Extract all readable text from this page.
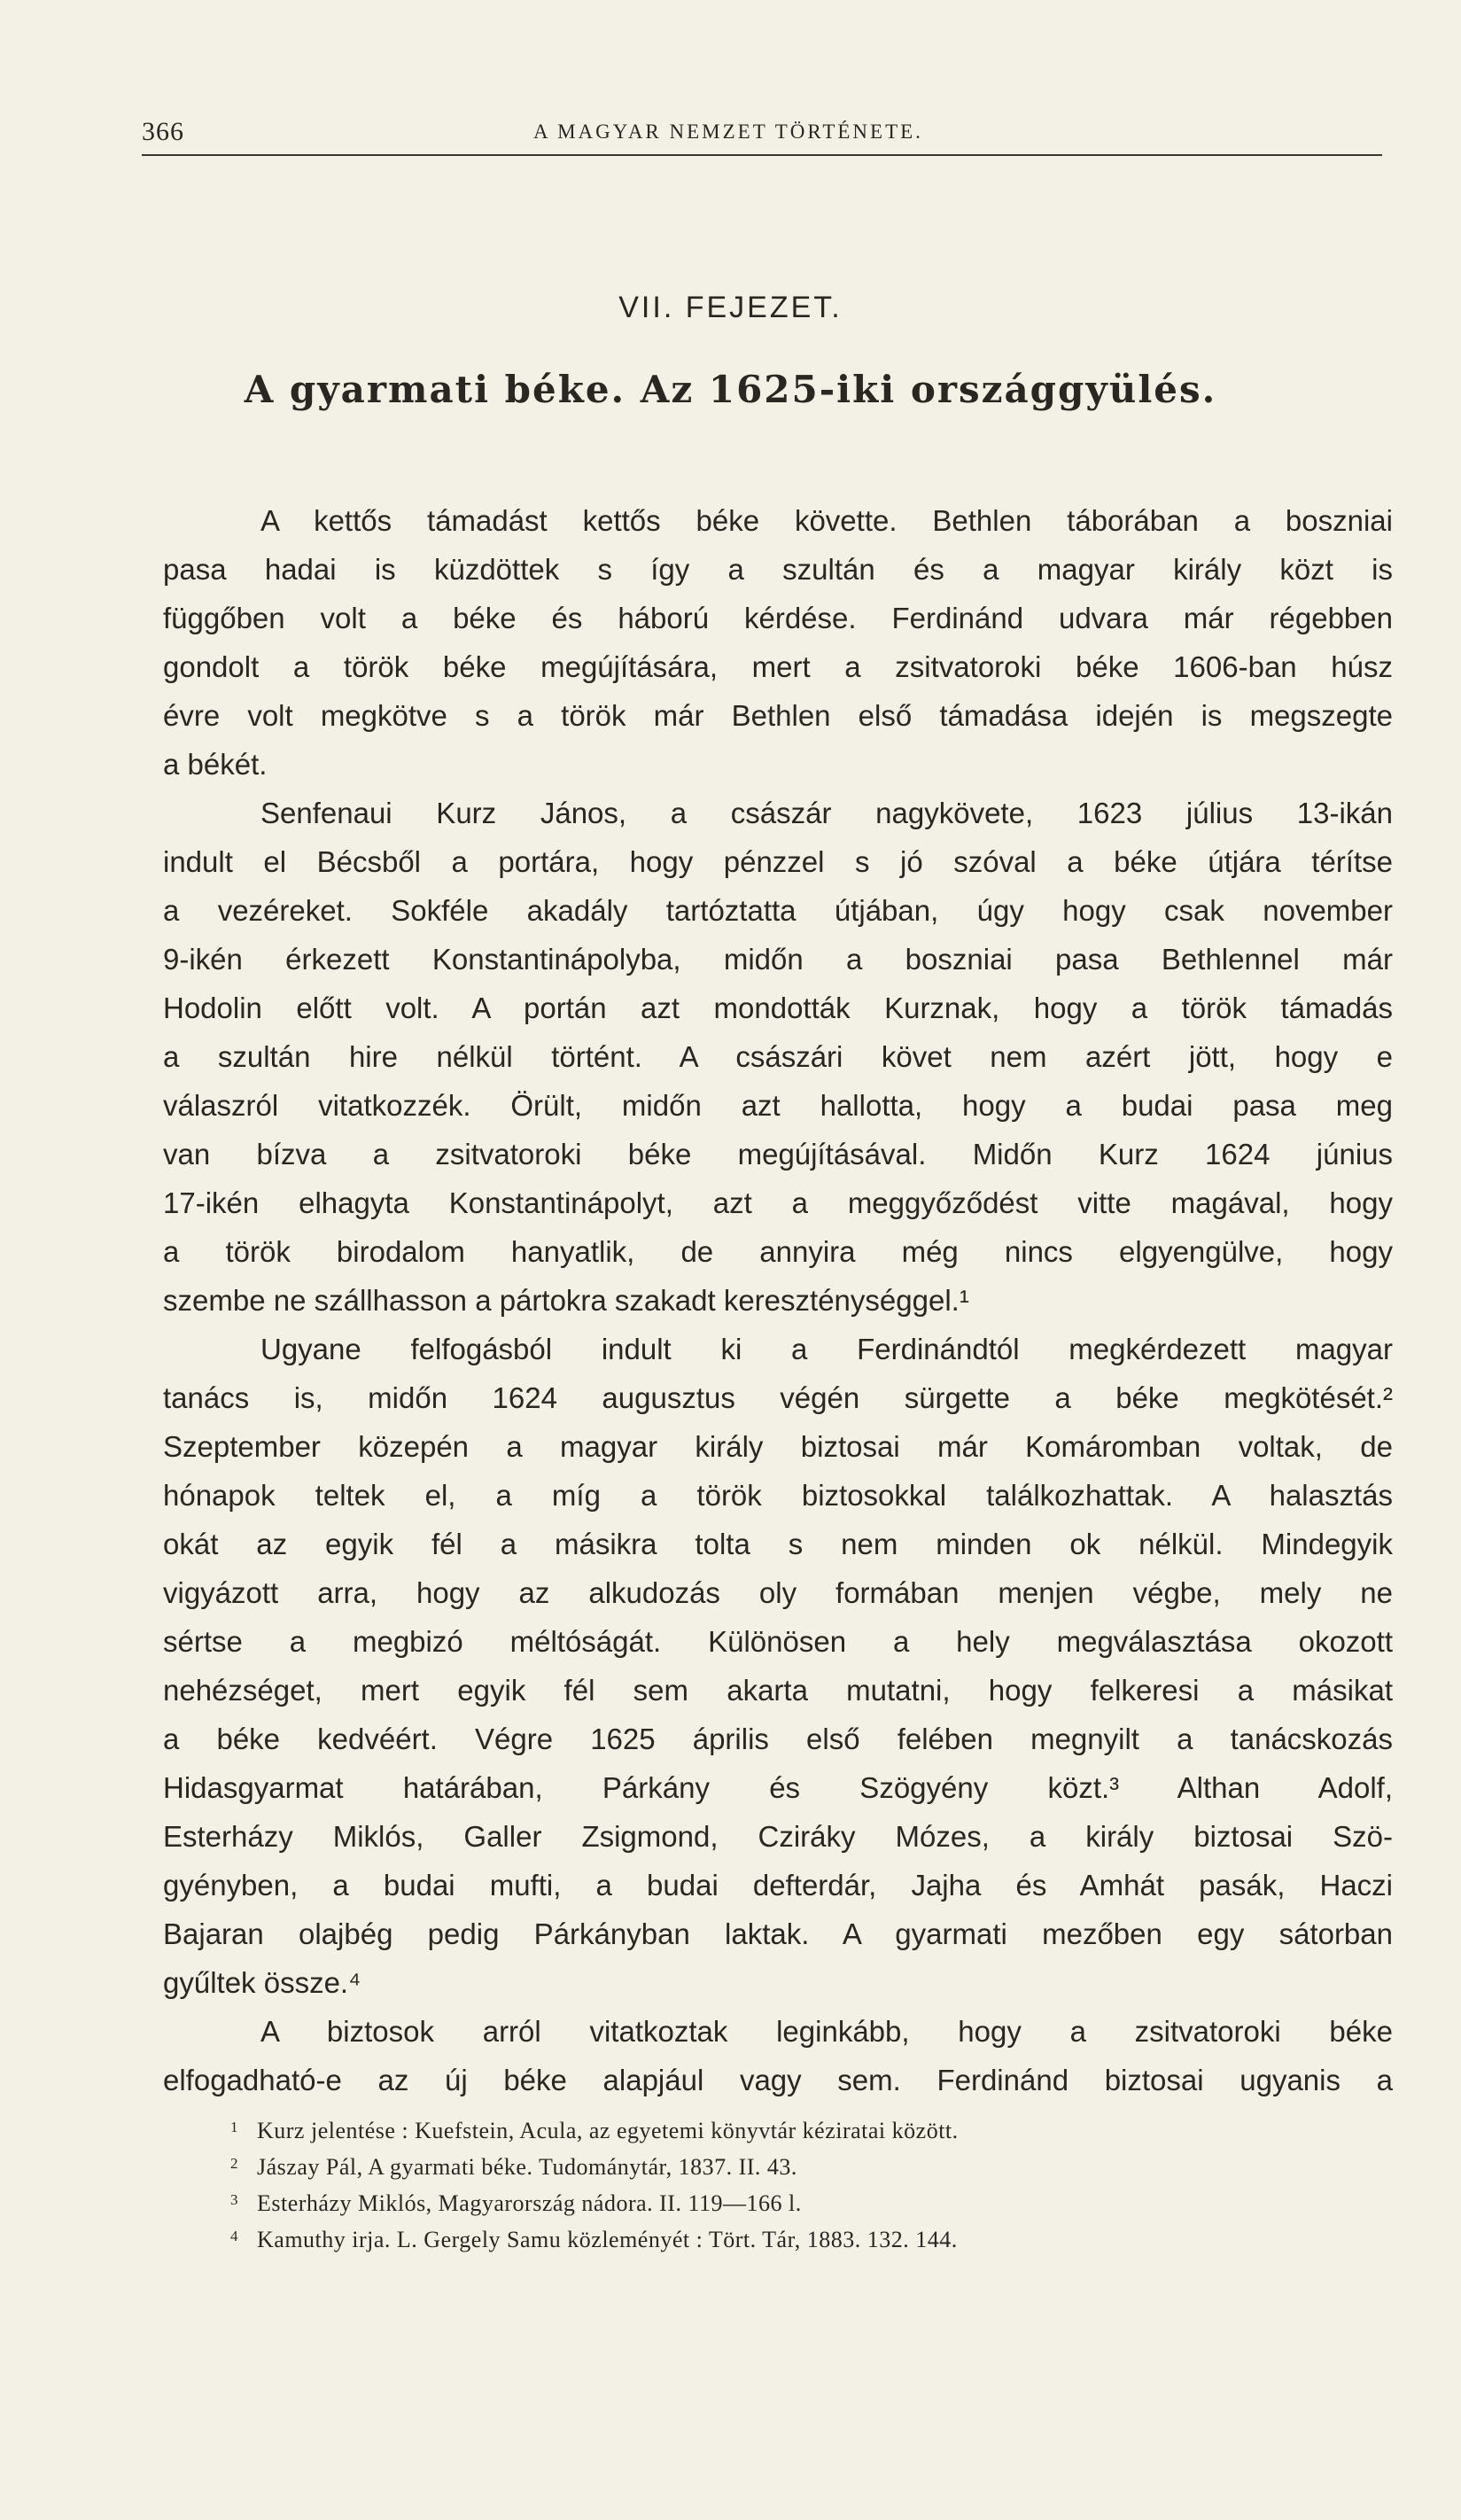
366	A MAGYAR NEMZET TÖRTÉNETE.
VII. FEJEZET.
A gyarmati béke. Az 1625-iki országgyülés.
A kettős támadást kettős béke követte. Bethlen táborában a boszniai
pasa hadai is küzdöttek s így a szultán és a magyar király közt is
függőben volt a béke és háború kérdése. Ferdinánd udvara már régebben
gondolt a török béke megújítására, mert a zsitvatoroki béke 1606-ban húsz
évre volt megkötve s a török már Bethlen első támadása idején is megszegte
a békét.
Senfenaui Kurz János, a császár nagykövete, 1623 július 13-ikán
indult el Bécsből a portára, hogy pénzzel s jó szóval a béke útjára térítse
a vezéreket. Sokféle akadály tartóztatta útjában, úgy hogy csak november
9-ikén érkezett Konstantinápolyba, midőn a boszniai pasa Bethlennel már
Hodolin előtt volt. A portán azt mondották Kurznak, hogy a török támadás
a szultán hire nélkül történt. A császári követ nem azért jött, hogy e
válaszról vitatkozzék. Örült, midőn azt hallotta, hogy a budai pasa meg
van bízva a zsitvatoroki béke megújításával. Midőn Kurz 1624 június
17-ikén elhagyta Konstantinápolyt, azt a meggyőződést vitte magával, hogy
a török birodalom hanyatlik, de annyira még nincs elgyengülve, hogy
szembe ne szállhasson a pártokra szakadt kereszténységgel.¹
Ugyane felfogásból indult ki a Ferdinándtól megkérdezett magyar
tanács is, midőn 1624 augusztus végén sürgette a béke megkötését.²
Szeptember közepén a magyar király biztosai már Komáromban voltak, de
hónapok teltek el, a míg a török biztosokkal találkozhattak. A halasztás
okát az egyik fél a másikra tolta s nem minden ok nélkül. Mindegyik
vigyázott arra, hogy az alkudozás oly formában menjen végbe, mely ne
sértse a megbizó méltóságát. Különösen a hely megválasztása okozott
nehézséget, mert egyik fél sem akarta mutatni, hogy felkeresi a másikat
a béke kedvéért. Végre 1625 április első felében megnyilt a tanácskozás
Hidasgyarmat határában, Párkány és Szögyény közt.³ Althan Adolf,
Esterházy Miklós, Galler Zsigmond, Cziráky Mózes, a király biztosai Szö-
gyényben, a budai mufti, a budai defterdár, Jajha és Amhát pasák, Haczi
Bajaran olajbég pedig Párkányban laktak. A gyarmati mezőben egy sátorban
gyűltek össze.⁴
A biztosok arról vitatkoztak leginkább, hogy a zsitvatoroki béke
elfogadható-e az új béke alapjául vagy sem. Ferdinánd biztosai ugyanis a
1 Kurz jelentése : Kuefstein, Acula, az egyetemi könyvtár kéziratai között.
2 Jászay Pál, A gyarmati béke. Tudománytár, 1837. II. 43.
3 Esterházy Miklós, Magyarország nádora. II. 119—166 l.
4 Kamuthy irja. L. Gergely Samu közleményét : Tört. Tár, 1883. 132. 144.
